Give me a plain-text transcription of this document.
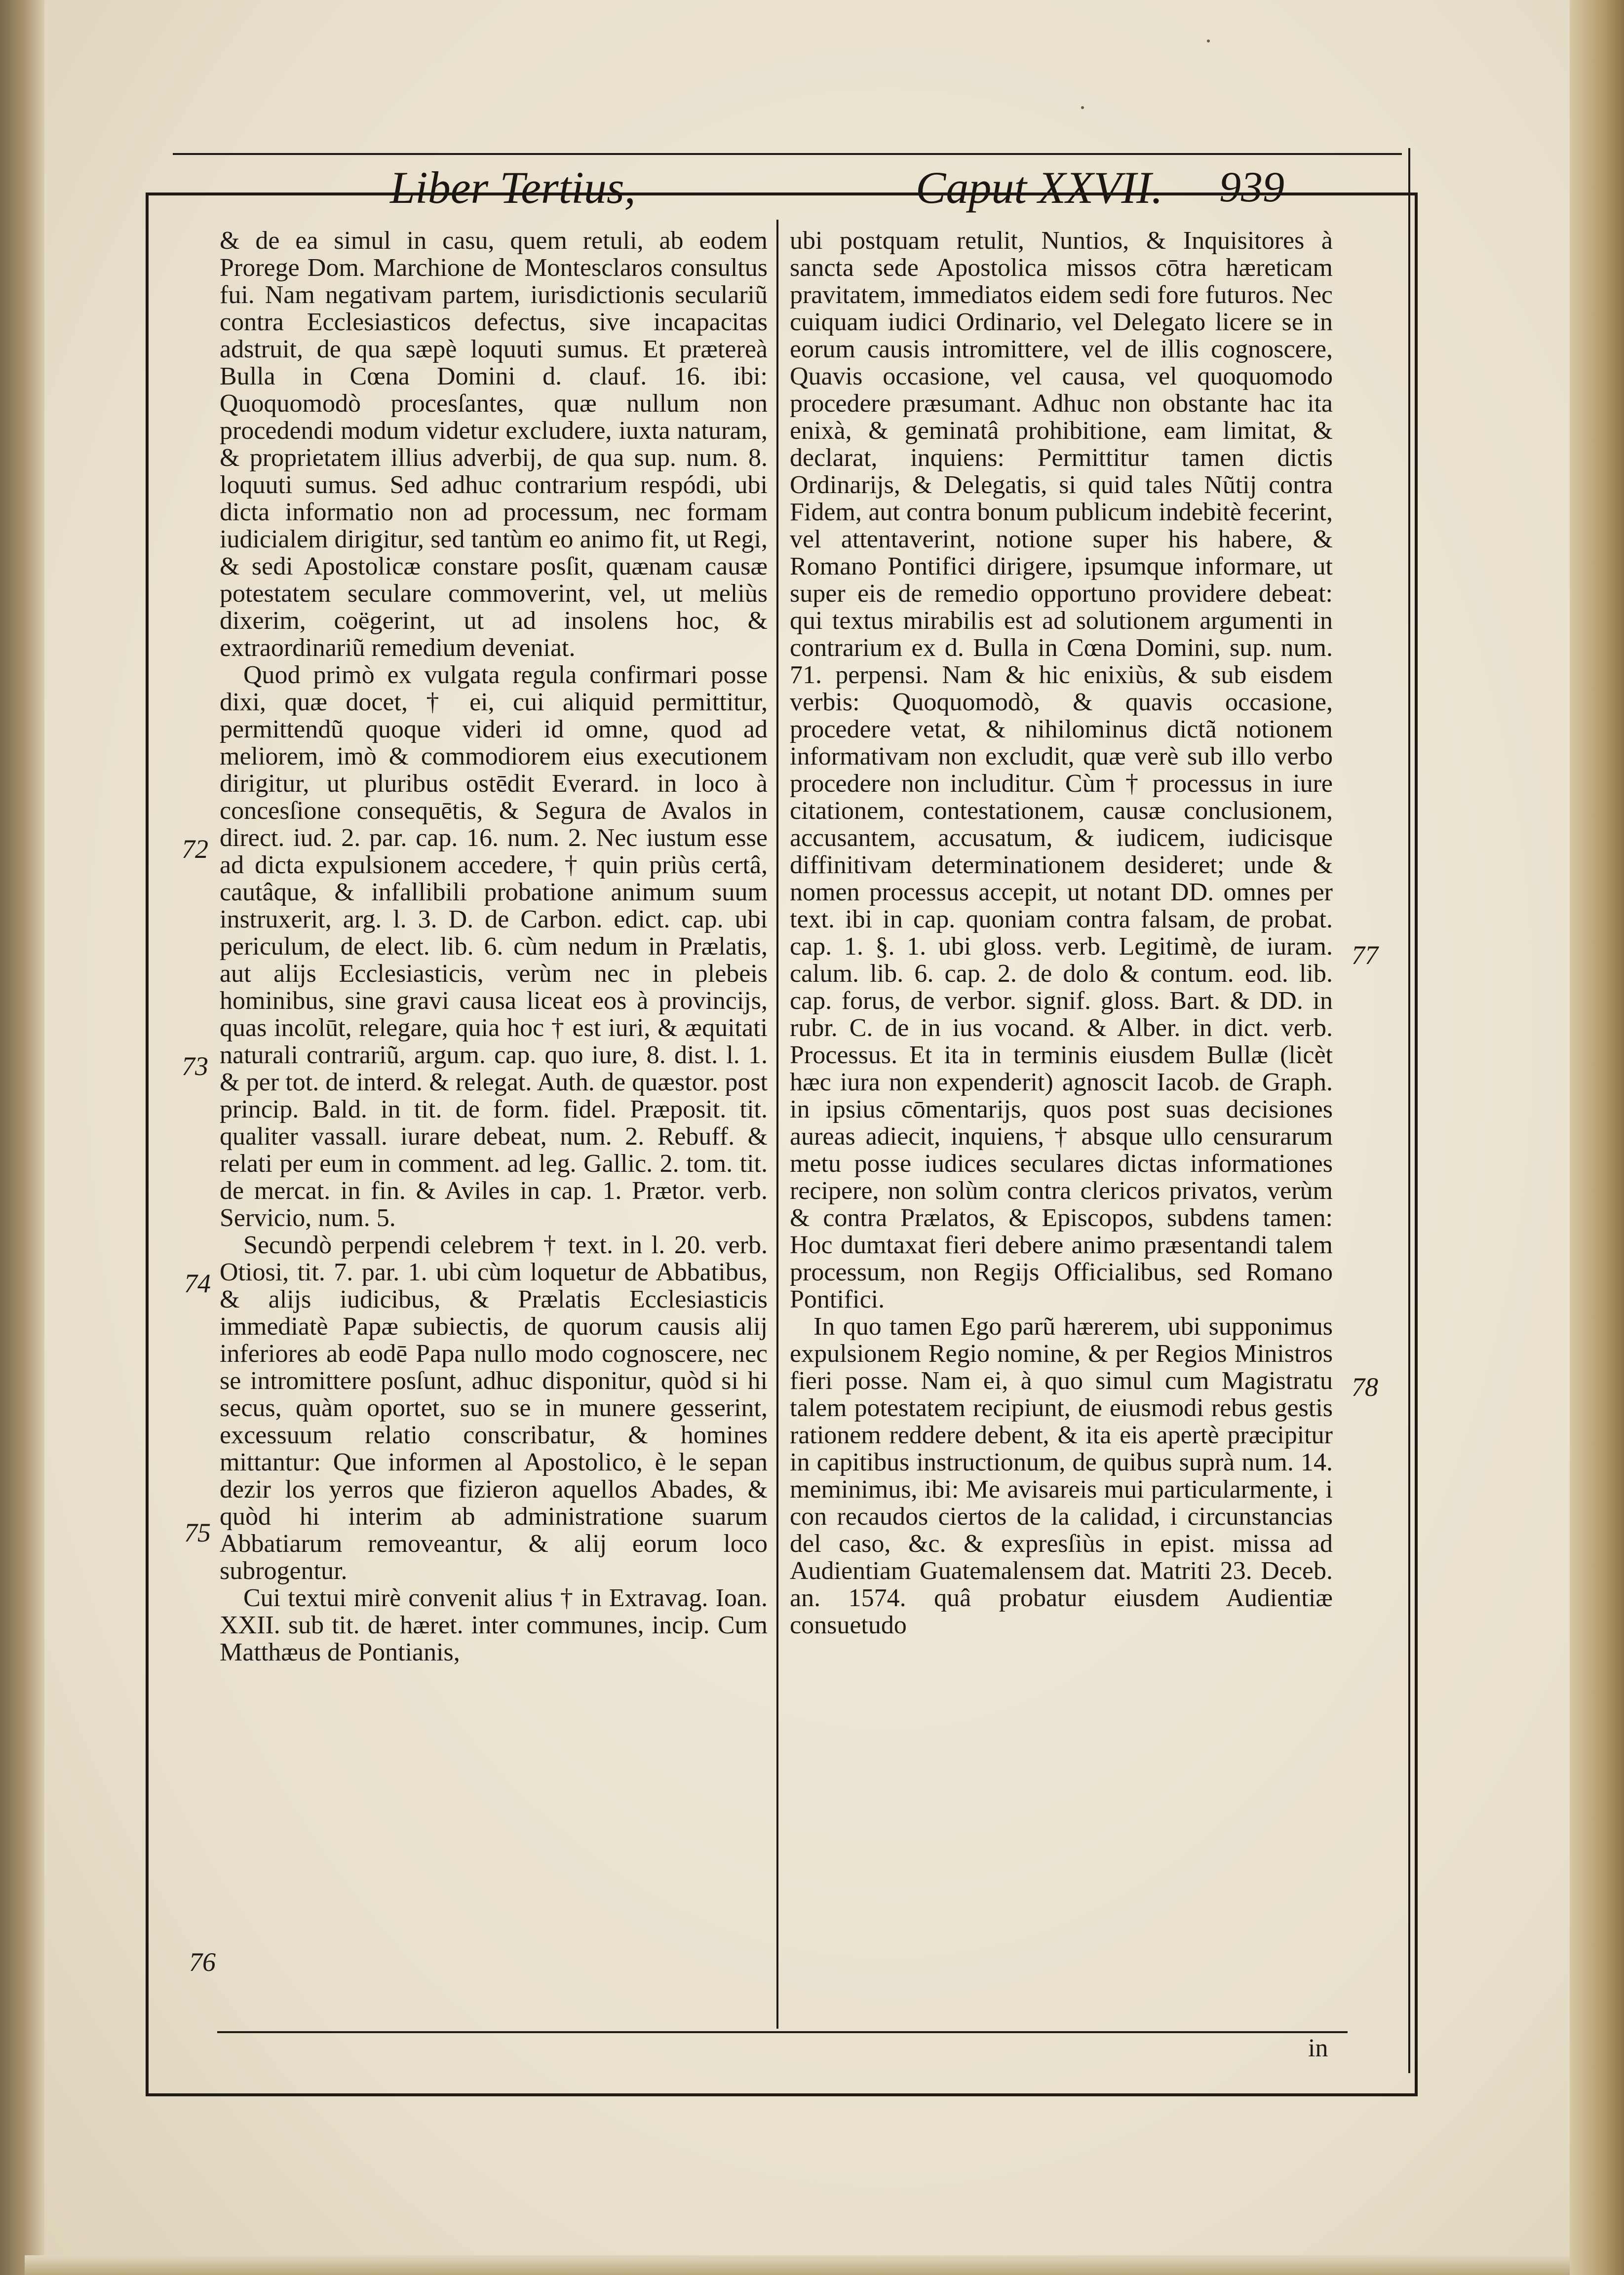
Liber Tertius,	Caput XXVII. 939

& de ea simul in casu, quem retuli, ab eodem Prorege Dom. Marchione de Montesclaros consultus fui. Nam negativam partem, iurisdictionis seculariũ contra Ecclesiasticos defectus, sive incapacitas adstruit, de qua sæpè loquuti sumus. Et prætereà Bulla in Cœna Domini d. clauf. 16. ibi: Quoquomodò procesſantes, quæ nullum non procedendi modum videtur excludere, iuxta naturam, & proprietatem illius adverbij, de qua sup. num. 8. loquuti sumus. Sed adhuc contrarium respódi, ubi dicta informatio non ad processum, nec formam iudicialem dirigitur, sed tantùm eo animo fit, ut Regi, & sedi Apostolicæ constare posſit, quænam causæ potestatem seculare commoverint, vel, ut meliùs dixerim, coëgerint, ut ad insolens hoc, & extraordinariũ remedium deveniat.

Quod primò ex vulgata regula confirmari posse dixi, quæ docet, † ei, cui aliquid permittitur, permittendũ quoque videri id omne, quod ad meliorem, imò & commodiorem eius executionem dirigitur, ut pluribus ostēdit Everard. in loco à concesſione consequētis, & Segura de Avalos in direct. iud. 2. par. cap. 16. num. 2. Nec iustum esse ad dicta expulsionem accedere, † quin priùs certâ, cautâque, & infallibili probatione animum suum instruxerit, arg. l. 3. D. de Carbon. edict. cap. ubi periculum, de elect. lib. 6. cùm nedum in Prælatis, aut alijs Ecclesiasticis, verùm nec in plebeis hominibus, sine gravi causa liceat eos à provincijs, quas incolūt, relegare, quia hoc † est iuri, & æquitati naturali contrariũ, argum. cap. quo iure, 8. dist. l. 1. & per tot. de interd. & relegat. Auth. de quæstor. post princip. Bald. in tit. de form. fidel. Præposit. tit. qualiter vassall. iurare debeat, num. 2. Rebuff. & relati per eum in comment. ad leg. Gallic. 2. tom. tit. de mercat. in fin. & Aviles in cap. 1. Prætor. verb. Servicio, num. 5.

Secundò perpendi celebrem † text. in l. 20. verb. Otiosi, tit. 7. par. 1. ubi cùm loquetur de Abbatibus, & alijs iudicibus, & Prælatis Ecclesiasticis immediatè Papæ subiectis, de quorum causis alij inferiores ab eodē Papa nullo modo cognoscere, nec se intromittere posſunt, adhuc disponitur, quòd si hi secus, quàm oportet, suo se in munere gesserint, excessuum relatio conscribatur, & homines mittantur: Que informen al Apostolico, è le sepan dezir los yerros que fizieron aquellos Abades, & quòd hi interim ab administratione suarum Abbatiarum removeantur, & alij eorum loco subrogentur.

Cui textui mirè convenit alius † in Extravag. Ioan. XXII. sub tit. de hæret. inter communes, incip. Cum Matthæus de Pontianis,

ubi postquam retulit, Nuntios, & Inquisitores à sancta sede Apostolica missos cōtra hæreticam pravitatem, immediatos eidem sedi fore futuros. Nec cuiquam iudici Ordinario, vel Delegato licere se in eorum causis intromittere, vel de illis cognoscere, Quavis occasione, vel causa, vel quoquomodo procedere præsumant. Adhuc non obstante hac ita enixà, & geminatâ prohibitione, eam limitat, & declarat, inquiens: Permittitur tamen dictis Ordinarijs, & Delegatis, si quid tales Nũtij contra Fidem, aut contra bonum publicum indebitè fecerint, vel attentaverint, notione super his habere, & Romano Pontifici dirigere, ipsumque informare, ut super eis de remedio opportuno providere debeat: qui textus mirabilis est ad solutionem argumenti in contrarium ex d. Bulla in Cœna Domini, sup. num. 71. perpensi. Nam & hic enixiùs, & sub eisdem verbis: Quoquomodò, & quavis occasione, procedere vetat, & nihilominus dictã notionem informativam non excludit, quæ verè sub illo verbo procedere non includitur. Cùm † processus in iure citationem, contestationem, causæ conclusionem, accusantem, accusatum, & iudicem, iudicisque diffinitivam determinationem desideret; unde & nomen processus accepit, ut notant DD. omnes per text. ibi in cap. quoniam contra falsam, de probat. cap. 1. §. 1. ubi gloss. verb. Legitimè, de iuram. calum. lib. 6. cap. 2. de dolo & contum. eod. lib. cap. forus, de verbor. signif. gloss. Bart. & DD. in rubr. C. de in ius vocand. & Alber. in dict. verb. Processus. Et ita in terminis eiusdem Bullæ (licèt hæc iura non expenderit) agnoscit Iacob. de Graph. in ipsius cōmentarijs, quos post suas decisiones aureas adiecit, inquiens, † absque ullo censurarum metu posse iudices seculares dictas informationes recipere, non solùm contra clericos privatos, verùm & contra Prælatos, & Episcopos, subdens tamen: Hoc dumtaxat fieri debere animo præsentandi talem processum, non Regijs Officialibus, sed Romano Pontifici.

In quo tamen Ego parũ hærerem, ubi supponimus expulsionem Regio nomine, & per Regios Ministros fieri posse. Nam ei, à quo simul cum Magistratu talem potestatem recipiunt, de eiusmodi rebus gestis rationem reddere debent, & ita eis apertè præcipitur in capitibus instructionum, de quibus suprà num. 14. meminimus, ibi: Me avisareis mui particularmente, i con recaudos ciertos de la calidad, i circunstancias del caso, &c. & expresſiùs in epist. missa ad Audientiam Guatemalensem dat. Matriti 23. Deceb. an. 1574. quâ probatur eiusdem Audientiæ consuetudo

72
73
74
75
76
77
78
in
